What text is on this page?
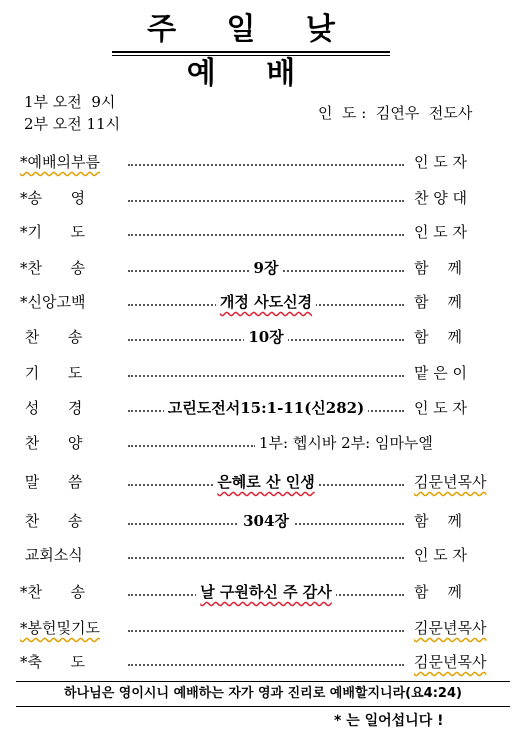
주 일 낮 예 배
1부 오전  9시
2부 오전 11시
인  도 :  김연우  전도사
*예배의부름	인 도 자
*송      영	찬 양 대
*기      도	인 도 자
*찬      송	9장	함    께
*신앙고백	개정 사도신경	함    께
찬      송	10장	함    께
기      도	맡 은 이
성      경	고린도전서15:1-11(신282)	인 도 자
찬      양	1부: 헵시바 2부: 임마누엘
말      씀	은혜로 산 인생	김문년목사
찬      송	304장	함    께
교회소식	인 도 자
*찬      송	날 구원하신 주 감사	함    께
*봉헌및기도	김문년목사
*축      도	김문년목사
하나님은 영이시니 예배하는 자가 영과 진리로 예배할지니라(요4:24)
* 는 일어섭니다 !
